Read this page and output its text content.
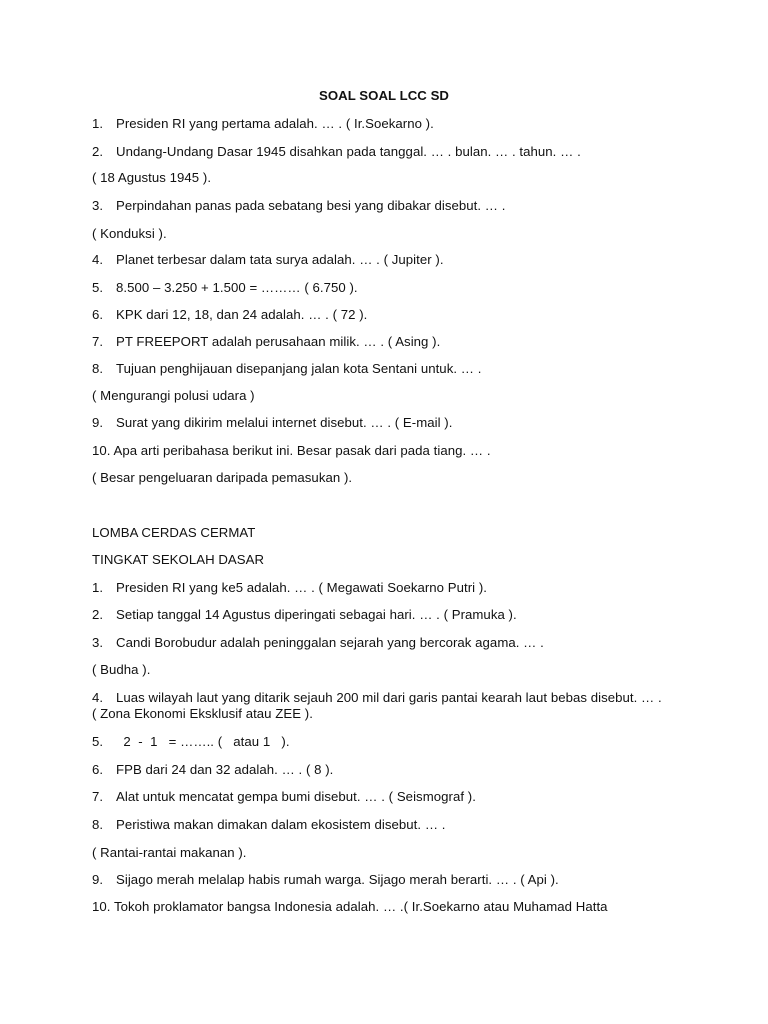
SOAL SOAL LCC SD
1. Presiden RI yang pertama adalah. … . ( Ir.Soekarno ).
2. Undang-Undang Dasar 1945 disahkan pada tanggal. … . bulan. … . tahun. … .
( 18 Agustus 1945 ).
3. Perpindahan panas pada sebatang besi yang dibakar disebut. … .
( Konduksi ).
4. Planet terbesar dalam tata surya adalah. … . ( Jupiter ).
5. 8.500 – 3.250 + 1.500 = ……… ( 6.750 ).
6. KPK dari 12, 18, dan 24 adalah. … . ( 72 ).
7. PT FREEPORT adalah perusahaan milik. … . ( Asing ).
8. Tujuan penghijauan disepanjang jalan kota Sentani untuk. … .
( Mengurangi polusi udara )
9. Surat yang dikirim melalui internet disebut. … . ( E-mail ).
10. Apa arti peribahasa berikut ini. Besar pasak dari pada tiang. … .
( Besar pengeluaran daripada pemasukan ).
LOMBA CERDAS CERMAT
TINGKAT SEKOLAH DASAR
1. Presiden RI yang ke5 adalah. … . ( Megawati Soekarno Putri ).
2. Setiap tanggal 14 Agustus diperingati sebagai hari. … . ( Pramuka ).
3. Candi Borobudur adalah peninggalan sejarah yang bercorak agama. … .
( Budha ).
4. Luas wilayah laut yang ditarik sejauh 200 mil dari garis pantai kearah laut bebas disebut. … .
( Zona Ekonomi Eksklusif atau ZEE ).
5.  2  -  1   = …….. (   atau 1   ).
6. FPB dari 24 dan 32 adalah. … . ( 8 ).
7. Alat untuk mencatat gempa bumi disebut. … . ( Seismograf ).
8. Peristiwa makan dimakan dalam ekosistem disebut. … .
( Rantai-rantai makanan ).
9. Sijago merah melalap habis rumah warga. Sijago merah berarti. … . ( Api ).
10. Tokoh proklamator bangsa Indonesia adalah. … .( Ir.Soekarno atau Muhamad Hatta
